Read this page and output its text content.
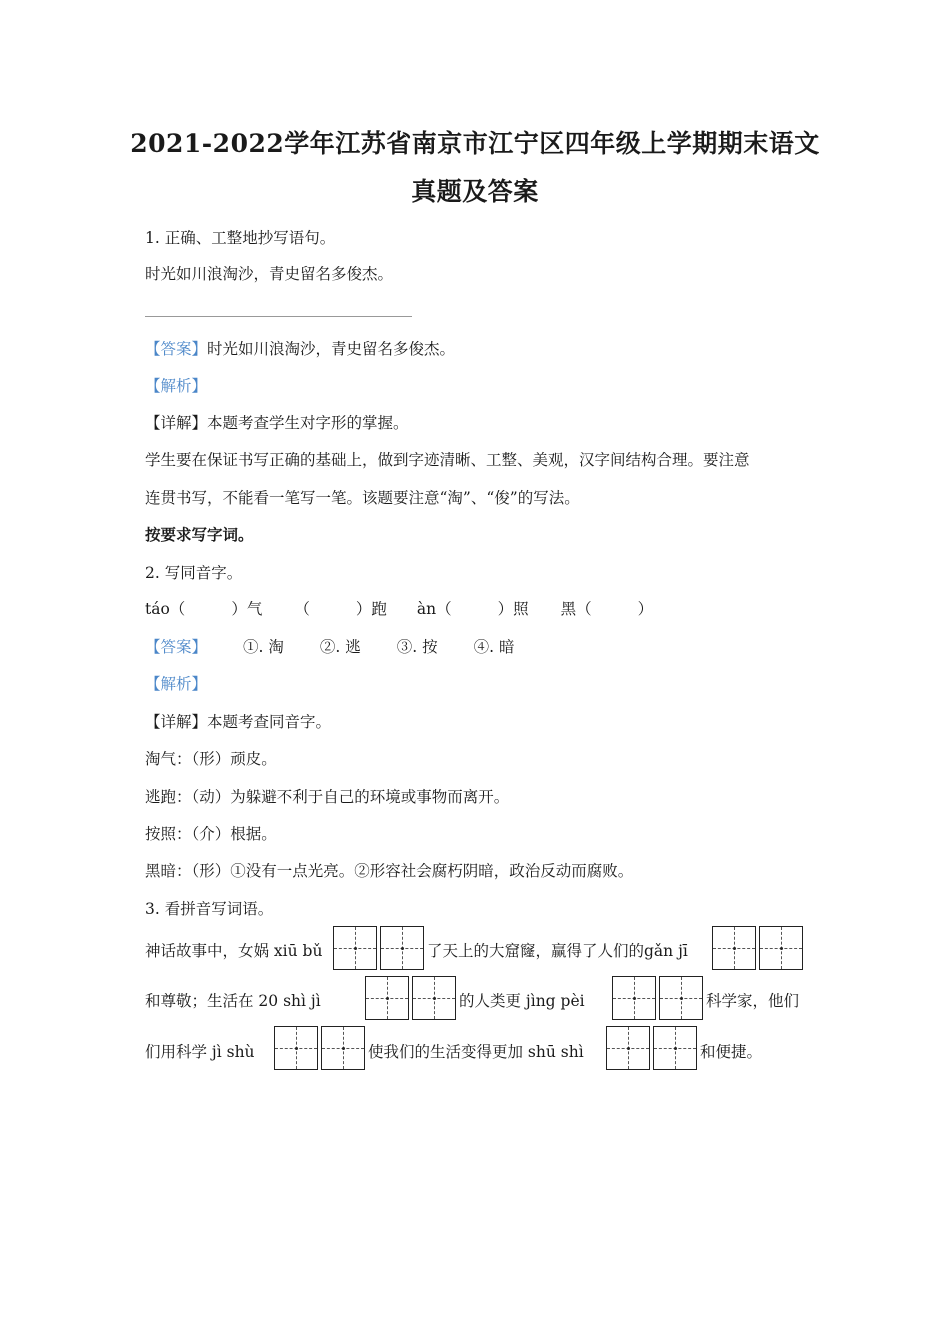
2021-2022学年江苏省南京市江宁区四年级上学期期末语文
真题及答案
1. 正确、工整地抄写语句。
时光如川浪淘沙，青史留名多俊杰。
【答案】时光如川浪淘沙，青史留名多俊杰。
【解析】
【详解】本题考查学生对字形的掌握。
学生要在保证书写正确的基础上，做到字迹清晰、工整、美观，汉字间结构合理。要注意
连贯书写，不能看一笔写一笔。该题要注意“淘”、“俊”的写法。
按要求写字词。
2. 写同音字。
táo（	）气 （	）跑 àn（	）照 黑（	）
【答案】 ①. 淘 ②. 逃 ③. 按 ④. 暗
【解析】
【详解】本题考查同音字。
淘气：（形）顽皮。
逃跑：（动）为躲避不利于自己的环境或事物而离开。
按照：（介）根据。
黑暗：（形）①没有一点光亮。②形容社会腐朽阴暗，政治反动而腐败。
3. 看拼音写词语。
神话故事中，女娲 xiū bǔ	了天上的大窟窿，赢得了人们的gǎn jī
和尊敬；生活在 20 shì jì	的人类更 jìng pèi	科学家，他们
们用科学 jì shù	使我们的生活变得更加 shū shì	和便捷。
